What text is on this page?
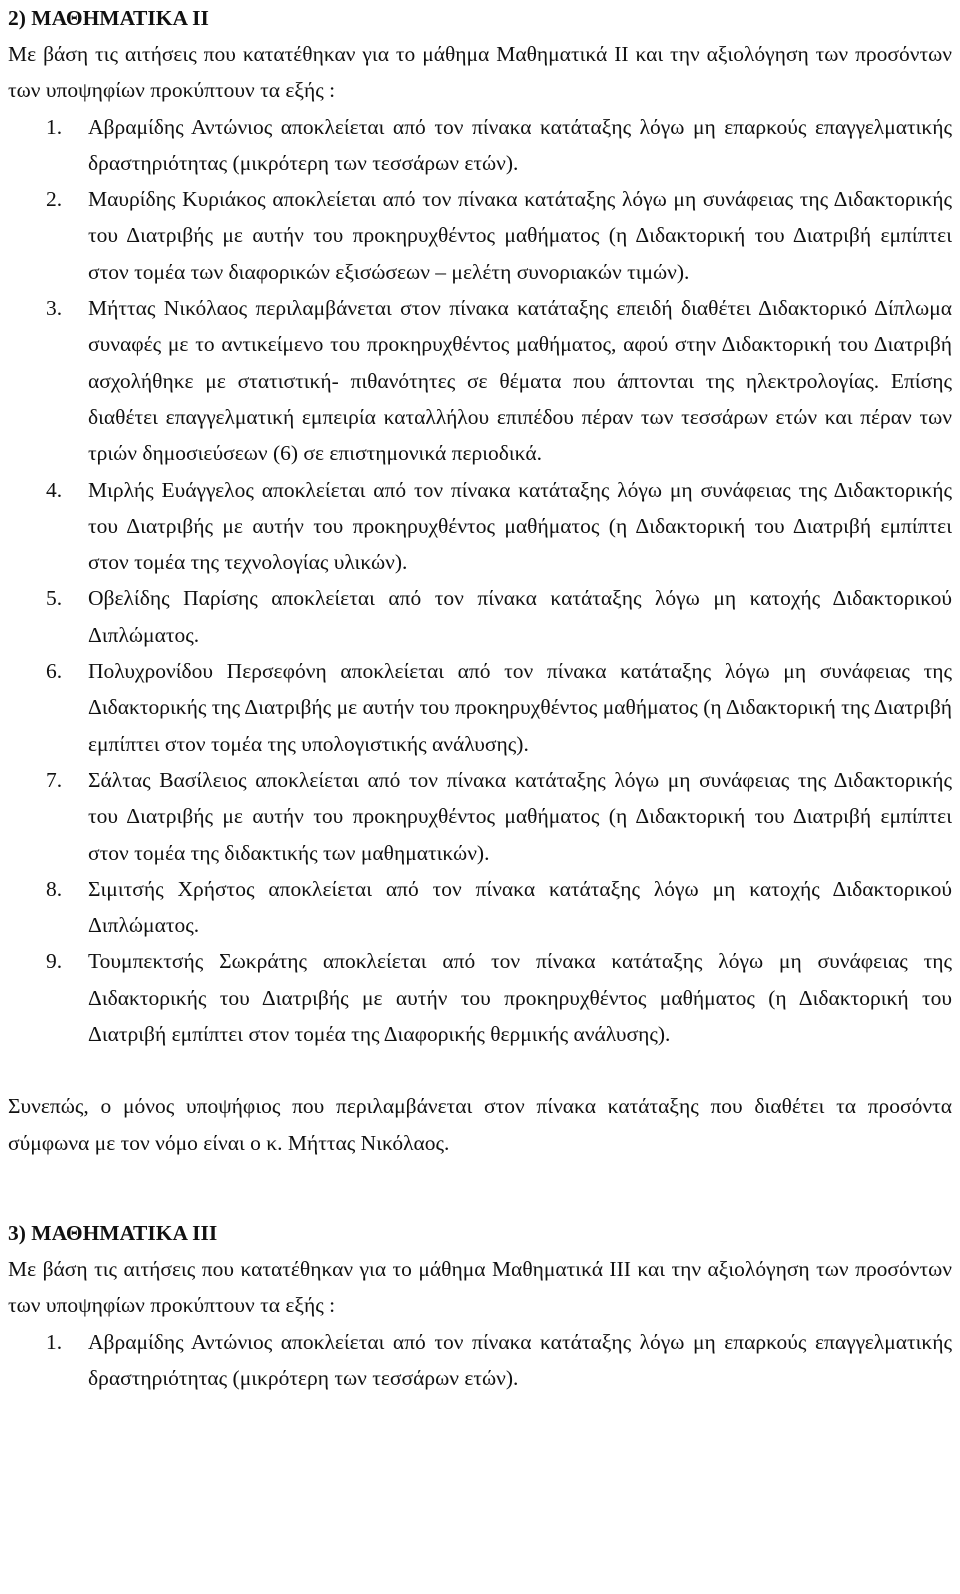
2) ΜΑΘΗΜΑΤΙΚΑ ΙΙ

Με βάση τις αιτήσεις που κατατέθηκαν για το μάθημα Μαθηματικά ΙΙ και την αξιολόγηση των προσόντων των υποψηφίων προκύπτουν τα εξής :

1. Αβραμίδης Αντώνιος αποκλείεται από τον πίνακα κατάταξης λόγω μη επαρκούς επαγγελματικής δραστηριότητας (μικρότερη των τεσσάρων ετών).
2. Μαυρίδης Κυριάκος αποκλείεται από τον πίνακα κατάταξης λόγω μη συνάφειας της Διδακτορικής του Διατριβής με αυτήν του προκηρυχθέντος μαθήματος (η Διδακτορική του Διατριβή εμπίπτει στον τομέα των διαφορικών εξισώσεων – μελέτη συνοριακών τιμών).
3. Μήττας Νικόλαος περιλαμβάνεται στον πίνακα κατάταξης επειδή διαθέτει Διδακτορικό Δίπλωμα συναφές με το αντικείμενο του προκηρυχθέντος μαθήματος, αφού στην Διδακτορική του Διατριβή ασχολήθηκε με στατιστική- πιθανότητες σε θέματα που άπτονται της ηλεκτρολογίας. Επίσης διαθέτει επαγγελματική εμπειρία καταλλήλου επιπέδου πέραν των τεσσάρων ετών και πέραν των τριών δημοσιεύσεων (6) σε επιστημονικά περιοδικά.
4. Μιρλής Ευάγγελος αποκλείεται από τον πίνακα κατάταξης λόγω μη συνάφειας της Διδακτορικής του Διατριβής με αυτήν του προκηρυχθέντος μαθήματος (η Διδακτορική του Διατριβή εμπίπτει στον τομέα της τεχνολογίας υλικών).
5. Οβελίδης Παρίσης αποκλείεται από τον πίνακα κατάταξης λόγω μη κατοχής Διδακτορικού Διπλώματος.
6. Πολυχρονίδου Περσεφόνη αποκλείεται από τον πίνακα κατάταξης λόγω μη συνάφειας της Διδακτορικής της Διατριβής με αυτήν του προκηρυχθέντος μαθήματος (η Διδακτορική της Διατριβή εμπίπτει στον τομέα της υπολογιστικής ανάλυσης).
7. Σάλτας Βασίλειος αποκλείεται από τον πίνακα κατάταξης λόγω μη συνάφειας της Διδακτορικής του Διατριβής με αυτήν του προκηρυχθέντος μαθήματος (η Διδακτορική του Διατριβή εμπίπτει στον τομέα της διδακτικής των μαθηματικών).
8. Σιμιτσής Χρήστος αποκλείεται από τον πίνακα κατάταξης λόγω μη κατοχής Διδακτορικού Διπλώματος.
9. Τουμπεκτσής Σωκράτης αποκλείεται από τον πίνακα κατάταξης λόγω μη συνάφειας της Διδακτορικής του Διατριβής με αυτήν του προκηρυχθέντος μαθήματος (η Διδακτορική του Διατριβή εμπίπτει στον τομέα της Διαφορικής θερμικής ανάλυσης).

Συνεπώς, ο μόνος υποψήφιος που περιλαμβάνεται στον πίνακα κατάταξης που διαθέτει τα προσόντα σύμφωνα με τον νόμο είναι ο κ. Μήττας Νικόλαος.

3) ΜΑΘΗΜΑΤΙΚΑ ΙΙΙ

Με βάση τις αιτήσεις που κατατέθηκαν για το μάθημα Μαθηματικά ΙΙΙ και την αξιολόγηση των προσόντων των υποψηφίων προκύπτουν τα εξής :

1. Αβραμίδης Αντώνιος αποκλείεται από τον πίνακα κατάταξης λόγω μη επαρκούς επαγγελματικής δραστηριότητας (μικρότερη των τεσσάρων ετών).
